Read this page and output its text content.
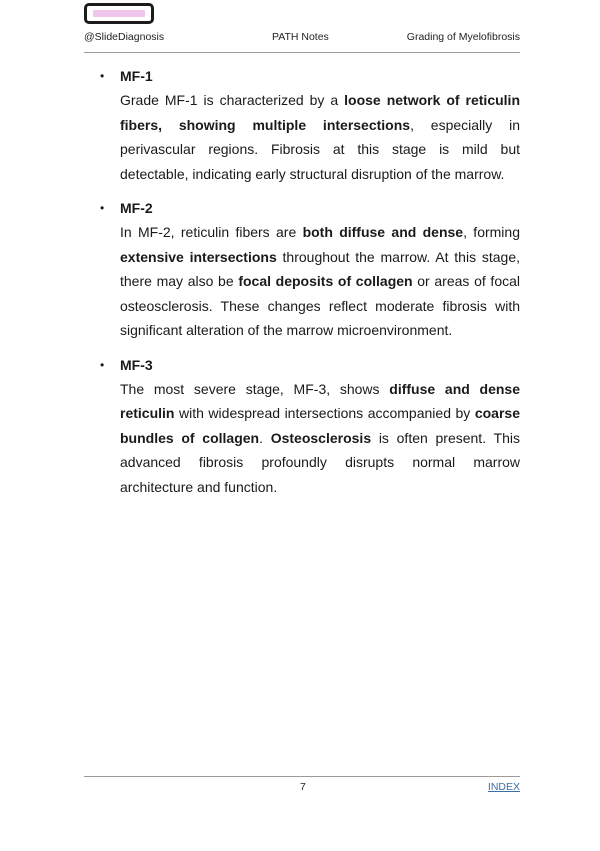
@SlideDiagnosis	PATH Notes	Grading of Myelofibrosis
• MF-1

Grade MF-1 is characterized by a loose network of reticulin fibers, showing multiple intersections, especially in perivascular regions. Fibrosis at this stage is mild but detectable, indicating early structural disruption of the marrow.

• MF-2

In MF-2, reticulin fibers are both diffuse and dense, forming extensive intersections throughout the marrow. At this stage, there may also be focal deposits of collagen or areas of focal osteosclerosis. These changes reflect moderate fibrosis with significant alteration of the marrow microenvironment.

• MF-3

The most severe stage, MF-3, shows diffuse and dense reticulin with widespread intersections accompanied by coarse bundles of collagen. Osteosclerosis is often present. This advanced fibrosis profoundly disrupts normal marrow architecture and function.

7	INDEX
